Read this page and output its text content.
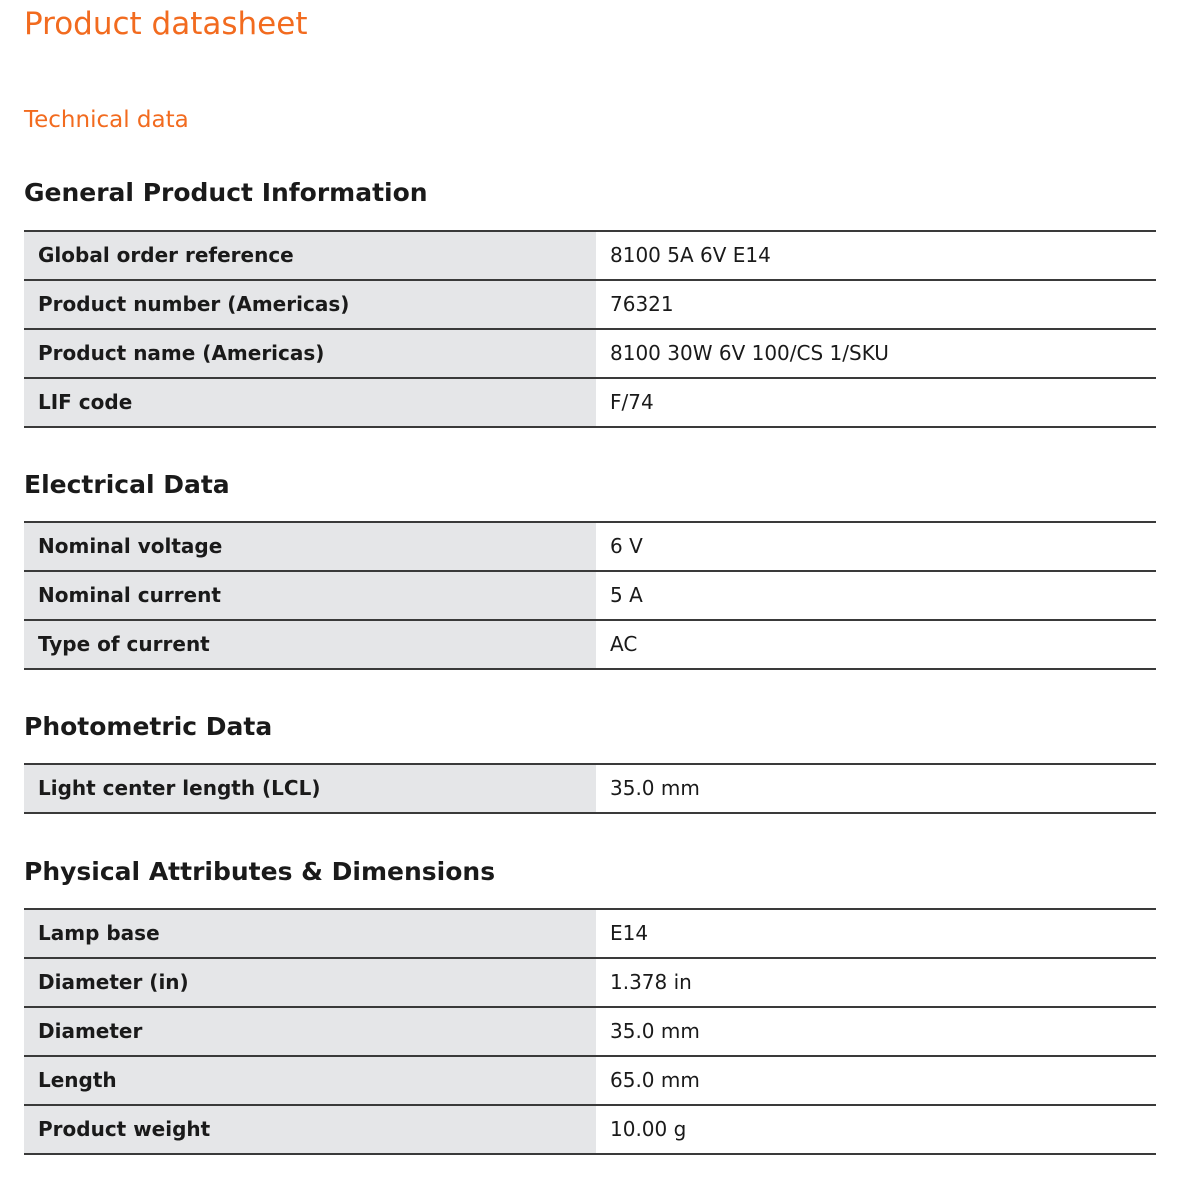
Product datasheet
Technical data
General Product Information
Global order reference	8100 5A 6V E14
Product number (Americas)	76321
Product name (Americas)	8100 30W 6V 100/CS 1/SKU
LIF code	F/74
Electrical Data
Nominal voltage	6 V
Nominal current	5 A
Type of current	AC
Photometric Data
Light center length (LCL)	35.0 mm
Physical Attributes & Dimensions
Lamp base	E14
Diameter (in)	1.378 in
Diameter	35.0 mm
Length	65.0 mm
Product weight	10.00 g
